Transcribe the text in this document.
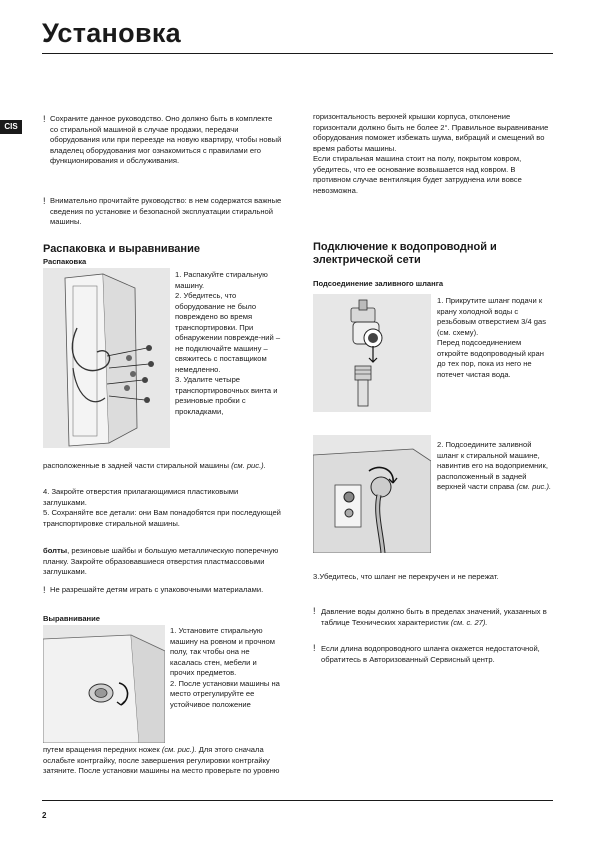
Установка
CIS
! Сохраните данное руководство. Оно должно быть в комплекте со стиральной машиной в случае продажи, передачи оборудования или при переезде на новую квартиру, чтобы новый владелец оборудования мог ознакомиться с правилами его функционирования и обслуживания.
! Внимательно прочитайте руководство: в нем содержатся важные сведения по установке и безопасной эксплуатации стиральной машины.
Распаковка и выравнивание
Распаковка
1. Распакуйте стиральную машину.
2. Убедитесь, что оборудование не было повреждено во время транспортировки. При обнаружении поврежде-ний – не подключайте машину – свяжитесь с поставщиком немедленно.
3. Удалите четыре транспортировочных винта и резиновые пробки с прокладками,
расположенные в задней части стиральной машины (см. рис.).
4. Закройте отверстия прилагающимися пластиковыми заглушками.
5. Сохраняйте все детали: они Вам понадобятся при последующей транспортировке стиральной машины.
болты, резиновые шайбы и большую металлическую поперечную планку. Закройте образовавшиеся отверстия пластмассовыми заглушками.
! Не разрешайте детям играть с упаковочными материалами.
Выравнивание
1. Установите стиральную машину на ровном и прочном полу, так чтобы она не касалась стен, мебели и прочих предметов.
2. После установки машины на место отрегулируйте ее устойчивое положение
путем вращения передних ножек (см. рис.). Для этого сначала ослабьте контргайку, после завершения регулировки контргайку затяните. После установки машины на место проверьте по уровню
горизонтальность верхней крышки корпуса, отклонение горизонтали должно быть не более 2°. Правильное выравнивание оборудования поможет избежать шума, вибраций и смещений во время работы машины.
Если стиральная машина стоит на полу, покрытом ковром, убедитесь, что ее основание возвышается над ковром. В противном случае вентиляция будет затруднена или вовсе невозможна.
Подключение к водопроводной и электрической сети
Подсоединение заливного шланга
1. Прикрутите шланг подачи к крану холодной воды с резьбовым отверстием 3/4 gas (см. схему).
Перед подсоединением откройте водопроводный кран до тех пор, пока из него не потечет чистая вода.
2. Подсоедините заливной шланг к стиральной машине, навинтив его на водоприемник, расположенный в задней верхней части справа (см. рис.).
3.Убедитесь, что шланг не перекручен и не пережат.
! Давление воды должно быть в пределах значений, указанных в таблице Технических характеристик (см. с. 27).
! Если длина водопроводного шланга окажется недостаточной, обратитесь в Авторизованный Сервисный центр.
2
